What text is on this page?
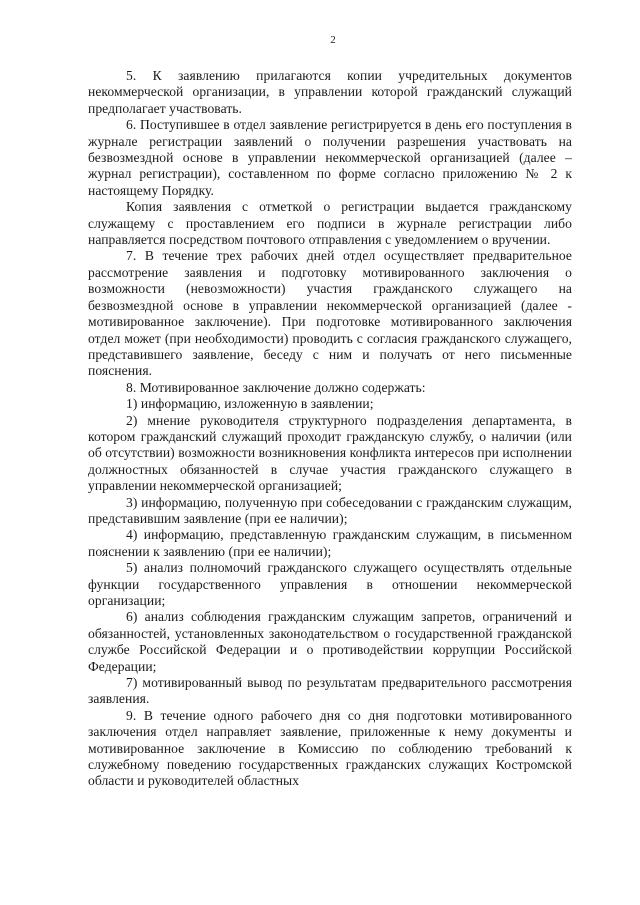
2

5. К заявлению прилагаются копии учредительных документов некоммерческой организации, в управлении которой гражданский служащий предполагает участвовать.

6. Поступившее в отдел заявление регистрируется в день его поступления в журнале регистрации заявлений о получении разрешения участвовать на безвозмездной основе в управлении некоммерческой организацией (далее – журнал регистрации), составленном по форме согласно приложению № 2 к настоящему Порядку.

Копия заявления с отметкой о регистрации выдается гражданскому служащему с проставлением его подписи в журнале регистрации либо направляется посредством почтового отправления с уведомлением о вручении.

7. В течение трех рабочих дней отдел осуществляет предварительное рассмотрение заявления и подготовку мотивированного заключения о возможности (невозможности) участия гражданского служащего на безвозмездной основе в управлении некоммерческой организацией (далее - мотивированное заключение). При подготовке мотивированного заключения отдел может (при необходимости) проводить с согласия гражданского служащего, представившего заявление, беседу с ним и получать от него письменные пояснения.

8. Мотивированное заключение должно содержать:

1) информацию, изложенную в заявлении;

2) мнение руководителя структурного подразделения департамента, в котором гражданский служащий проходит гражданскую службу, о наличии (или об отсутствии) возможности возникновения конфликта интересов при исполнении должностных обязанностей в случае участия гражданского служащего в управлении некоммерческой организацией;

3) информацию, полученную при собеседовании с гражданским служащим, представившим заявление (при ее наличии);

4) информацию, представленную гражданским служащим, в письменном пояснении к заявлению (при ее наличии);

5) анализ полномочий гражданского служащего осуществлять отдельные функции государственного управления в отношении некоммерческой организации;

6) анализ соблюдения гражданским служащим запретов, ограничений и обязанностей, установленных законодательством о государственной гражданской службе Российской Федерации и о противодействии коррупции Российской Федерации;

7) мотивированный вывод по результатам предварительного рассмотрения заявления.

9. В течение одного рабочего дня со дня подготовки мотивированного заключения отдел направляет заявление, приложенные к нему документы и мотивированное заключение в Комиссию по соблюдению требований к служебному поведению государственных гражданских служащих Костромской области и руководителей областных
